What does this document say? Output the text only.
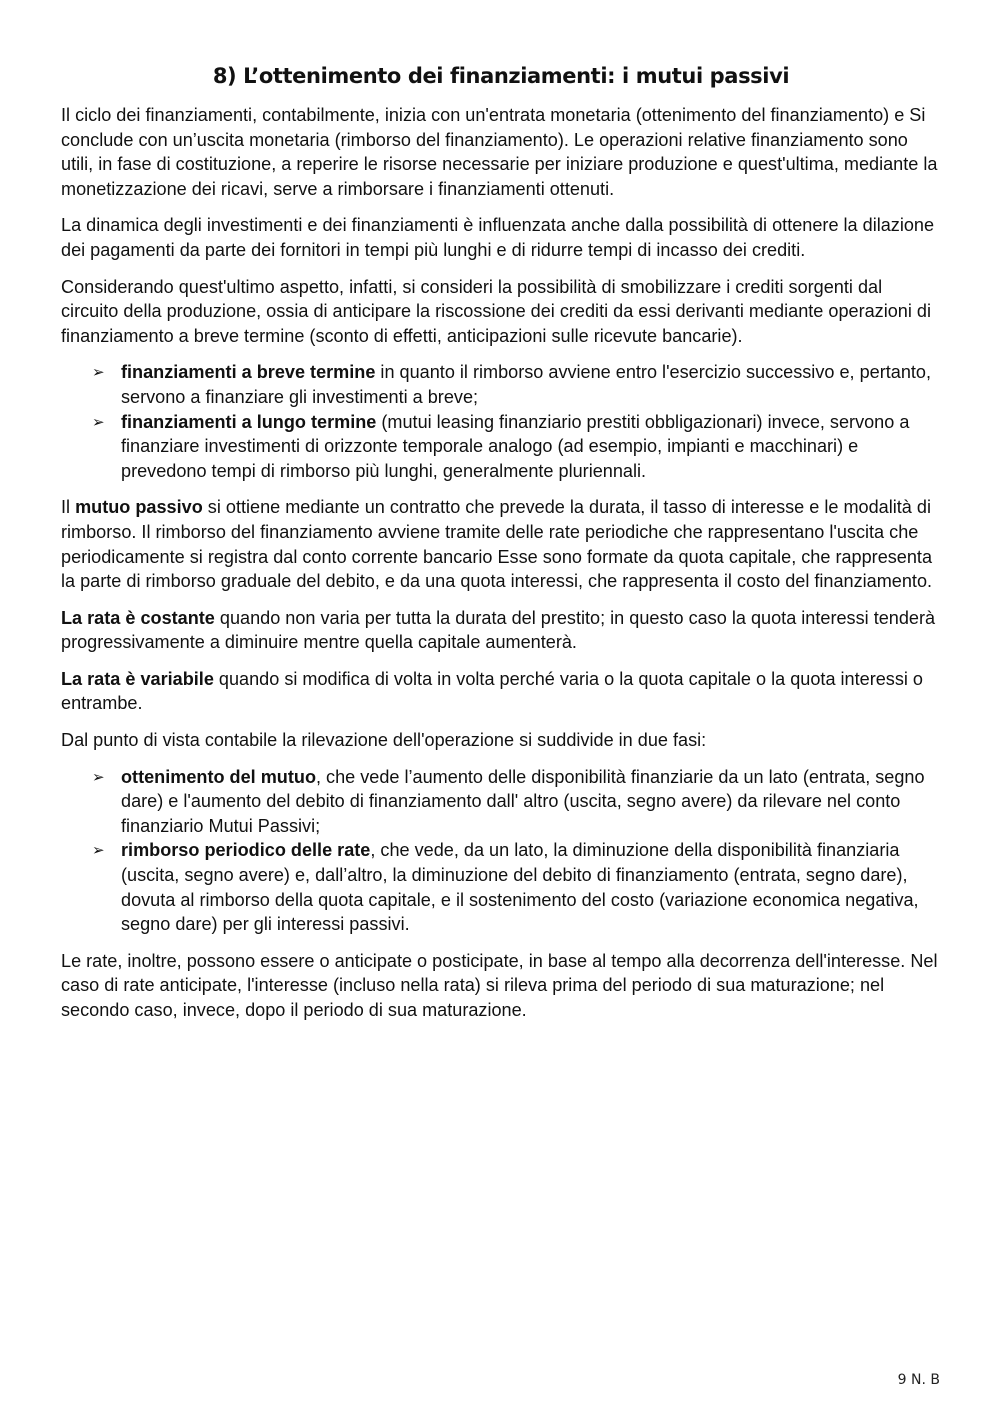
8) L’ottenimento dei finanziamenti: i mutui passivi

Il ciclo dei finanziamenti, contabilmente, inizia con un'entrata monetaria (ottenimento del finanziamento) e Si conclude con un’uscita monetaria (rimborso del finanziamento). Le operazioni relative finanziamento sono utili, in fase di costituzione, a reperire le risorse necessarie per iniziare produzione e quest'ultima, mediante la monetizzazione dei ricavi, serve a rimborsare i finanziamenti ottenuti.

La dinamica degli investimenti e dei finanziamenti è influenzata anche dalla possibilità di ottenere la dilazione dei pagamenti da parte dei fornitori in tempi più lunghi e di ridurre tempi di incasso dei crediti.

Considerando quest'ultimo aspetto, infatti, si consideri la possibilità di smobilizzare i crediti sorgenti dal circuito della produzione, ossia di anticipare la riscossione dei crediti da essi derivanti mediante operazioni di finanziamento a breve termine (sconto di effetti, anticipazioni sulle ricevute bancarie).

➢ finanziamenti a breve termine in quanto il rimborso avviene entro l'esercizio successivo e, pertanto, servono a finanziare gli investimenti a breve;
➢ finanziamenti a lungo termine (mutui leasing finanziario prestiti obbligazionari) invece, servono a finanziare investimenti di orizzonte temporale analogo (ad esempio, impianti e macchinari) e prevedono tempi di rimborso più lunghi, generalmente pluriennali.

Il mutuo passivo si ottiene mediante un contratto che prevede la durata, il tasso di interesse e le modalità di rimborso. Il rimborso del finanziamento avviene tramite delle rate periodiche che rappresentano l'uscita che periodicamente si registra dal conto corrente bancario Esse sono formate da quota capitale, che rappresenta la parte di rimborso graduale del debito, e da una quota interessi, che rappresenta il costo del finanziamento.

La rata è costante quando non varia per tutta la durata del prestito; in questo caso la quota interessi tenderà progressivamente a diminuire mentre quella capitale aumenterà.

La rata è variabile quando si modifica di volta in volta perché varia o la quota capitale o la quota interessi o entrambe.

Dal punto di vista contabile la rilevazione dell'operazione si suddivide in due fasi:

➢ ottenimento del mutuo, che vede l’aumento delle disponibilità finanziarie da un lato (entrata, segno dare) e l'aumento del debito di finanziamento dall' altro (uscita, segno avere) da rilevare nel conto finanziario Mutui Passivi;
➢ rimborso periodico delle rate, che vede, da un lato, la diminuzione della disponibilità finanziaria (uscita, segno avere) e, dall’altro, la diminuzione del debito di finanziamento (entrata, segno dare), dovuta al rimborso della quota capitale, e il sostenimento del costo (variazione economica negativa, segno dare) per gli interessi passivi.

Le rate, inoltre, possono essere o anticipate o posticipate, in base al tempo alla decorrenza dell'interesse. Nel caso di rate anticipate, l'interesse (incluso nella rata) si rileva prima del periodo di sua maturazione; nel secondo caso, invece, dopo il periodo di sua maturazione.

9 N. B
